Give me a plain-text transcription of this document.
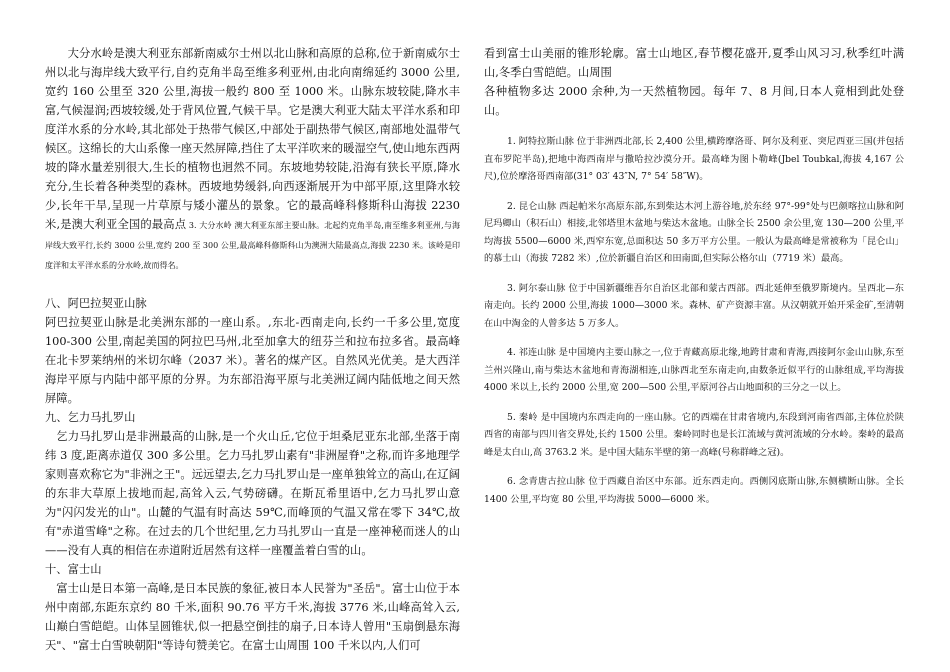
大分水岭是澳大利亚东部新南威尔士州以北山脉和高原的总称,位于新南威尔士州以北与海岸线大致平行,自约克角半岛至维多利亚州,由北向南绵延约 3000 公里,宽约 160 公里至 320 公里,海拔一般约 800 至 1000 米。山脉东坡较陡,降水丰富,气候湿润;西坡较缓,处于背风位置,气候干旱。它是澳大利亚大陆太平洋水系和印度洋水系的分水岭,其北部处于热带气候区,中部处于副热带气候区,南部地处温带气候区。这绵长的大山系像一座天然屏障,挡住了太平洋吹来的暖湿空气,使山地东西两坡的降水量差别很大,生长的植物也迥然不同。东坡地势较陡,沿海有狭长平原,降水充分,生长着各种类型的森林。西坡地势缓斜,向西逐渐展开为中部平原,这里降水较少,长年干旱,呈现一片草原与矮小灌丛的景象。它的最高峰科修斯科山海拔 2230 米,是澳大利亚全国的最高点 3. 大分水岭 澳大利亚东部主要山脉。北起约克角半岛,南至维多利亚州,与海岸线大致平行,长约 3000 公里,宽约 200 至 300 公里,最高峰科修斯科山为澳洲大陆最高点,海拔 2230 米。该岭是印度洋和太平洋水系的分水岭,故而得名。

八、阿巴拉契亚山脉

阿巴拉契亚山脉是北美洲东部的一座山系。,东北-西南走向,长约一千多公里,宽度 100-300 公里,南起美国的阿拉巴马州,北至加拿大的纽芬兰和拉布拉多省。最高峰在北卡罗莱纳州的米切尔峰（2037 米）。著名的煤产区。自然风光优美。是大西洋海岸平原与内陆中部平原的分界。为东部沿海平原与北美洲辽阔内陆低地之间天然屏障。

九、乞力马扎罗山

乞力马扎罗山是非洲最高的山脉,是一个火山丘,它位于坦桑尼亚东北部,坐落于南纬 3 度,距离赤道仅 300 多公里。乞力马扎罗山素有"非洲屋脊"之称,而许多地理学家则喜欢称它为"非洲之王"。远远望去,乞力马扎罗山是一座单独耸立的高山,在辽阔的东非大草原上拔地而起,高耸入云,气势磅礴。在斯瓦希里语中,乞力马扎罗山意为"闪闪发光的山"。山麓的气温有时高达 59℃,而峰顶的气温又常在零下 34℃,故有"赤道雪峰"之称。在过去的几个世纪里,乞力马扎罗山一直是一座神秘而迷人的山——没有人真的相信在赤道附近居然有这样一座覆盖着白雪的山。

十、富士山

富士山是日本第一高峰,是日本民族的象征,被日本人民誉为"圣岳"。富士山位于本州中南部,东距东京约 80 千米,面积 90.76 平方千米,海拔 3776 米,山峰高耸入云,山巅白雪皑皑。山体呈圆锥状,似一把悬空倒挂的扇子,日本诗人曾用"玉扇倒悬东海天"、"富士白雪映朝阳"等诗句赞美它。在富士山周围 100 千米以内,人们可

看到富士山美丽的锥形轮廓。富士山地区,春节樱花盛开,夏季山风习习,秋季红叶满山,冬季白雪皑皑。山周围

各种植物多达 2000 余种,为一天然植物园。每年 7、8 月间,日本人竟相到此处登山。

1. 阿特拉斯山脉 位于非洲西北部,长 2,400 公里,横跨摩洛哥、阿尔及利亚、突尼西亚三国(并包括直布罗陀半岛),把地中海西南岸与撒哈拉沙漠分开。最高峰为图卜勒峰(Jbel Toubkal,海拔 4,167 公尺),位於摩洛哥西南部(31° 03′ 43″N, 7° 54′ 58″W)。

2. 昆仑山脉 西起帕米尔高原东部,东到柴达木河上游谷地,於东经 97°-99°处与巴颜喀拉山脉和阿尼玛卿山（积石山）相接,北邻塔里木盆地与柴达木盆地。山脉全长 2500 余公里,宽 130—200 公里,平均海拔 5500—6000 米,西窄东宽,总面积达 50 多万平方公里。一般认为最高峰是常被称为「昆仑山」的慕士山（海拔 7282 米）,位於新疆自治区和田南面,但实际公格尔山（7719 米）最高。

3. 阿尔泰山脉 位于中国新疆维吾尔自治区北部和蒙古西部。西北延伸至俄罗斯境内。呈西北—东南走向。长约 2000 公里,海拔 1000—3000 米。森林、矿产资源丰富。从汉朝就开始开采金矿,至清朝在山中淘金的人曾多达 5 万多人。

4. 祁连山脉 是中国境内主要山脉之一,位于青藏高原北缘,地跨甘肃和青海,西接阿尔金山山脉,东至兰州兴隆山,南与柴达木盆地和青海湖相连,山脉西北至东南走向,由数条近似平行的山脉组成,平均海拔 4000 米以上,长约 2000 公里,宽 200—500 公里,平原河谷占山地面积的三分之一以上。

5. 秦岭 是中国境内东西走向的一座山脉。它的西端在甘肃省境内,东段到河南省西部,主体位於陕西省的南部与四川省交界处,长约 1500 公里。秦岭同时也是长江流域与黄河流域的分水岭。秦岭的最高峰是太白山,高 3763.2 米。是中国大陆东半壁的第一高峰(号称群峰之冠)。

6. 念青唐古拉山脉 位于西藏自治区中东部。近东西走向。西侧冈底斯山脉,东侧横断山脉。全长 1400 公里,平均宽 80 公里,平均海拔 5000—6000 米。
